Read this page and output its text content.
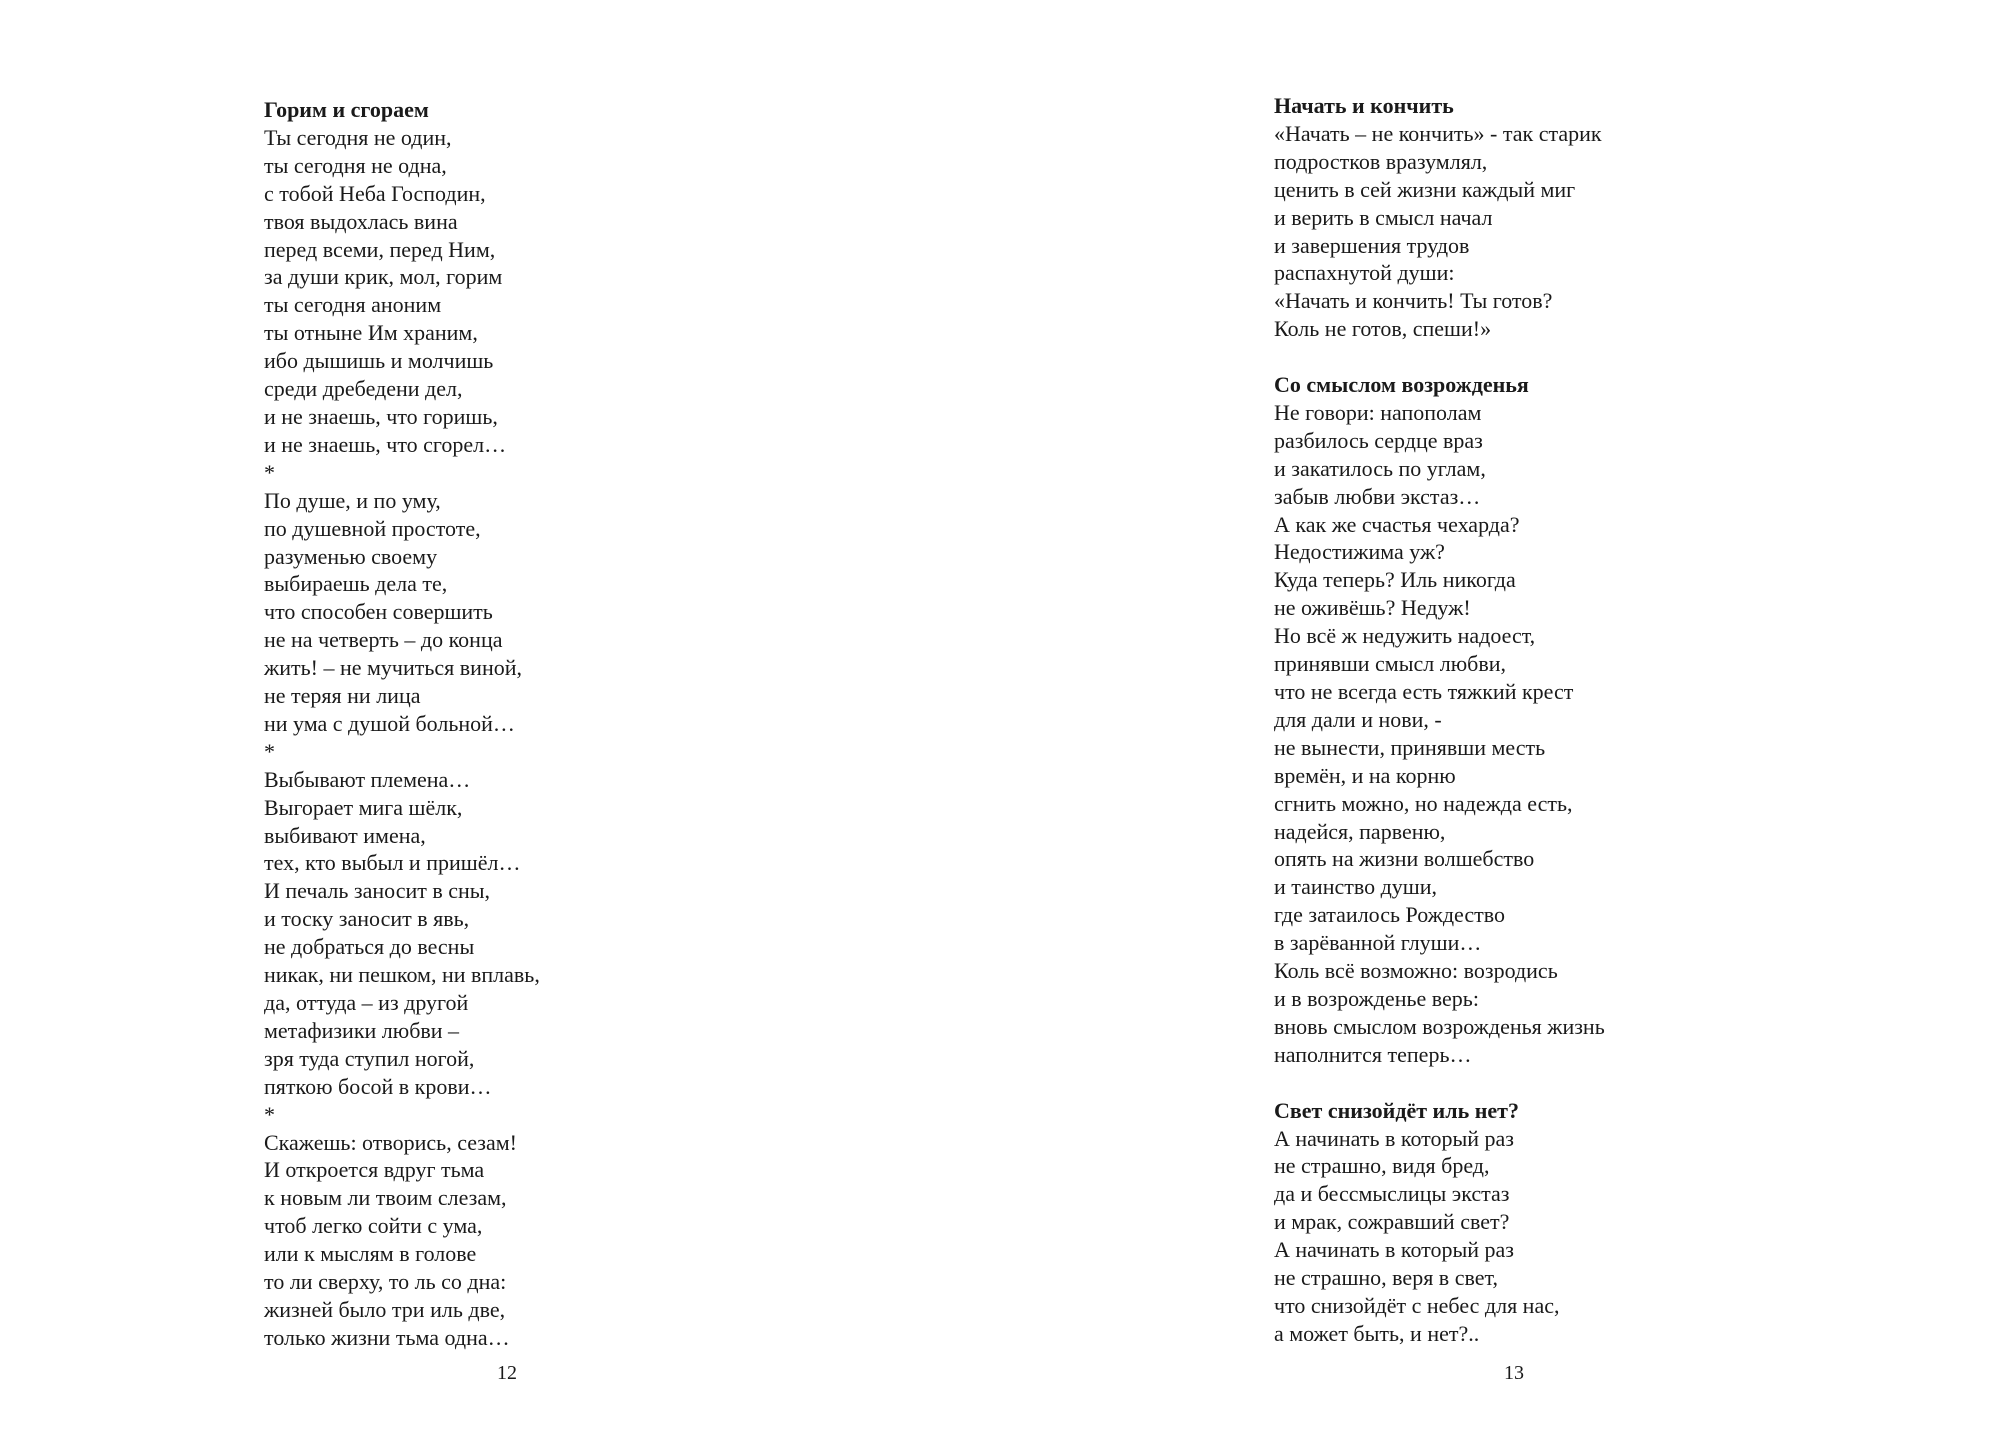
Горим и сгораем
Ты сегодня не один,
ты сегодня не одна,
с тобой Неба Господин,
твоя выдохлась вина
перед всеми, перед Ним,
за души крик, мол, горим
ты сегодня аноним
ты отныне Им храним,
ибо дышишь и молчишь
среди дребедени дел,
и не знаешь, что горишь,
и не знаешь, что сгорел…
*
По душе, и по уму,
по душевной простоте,
разуменью своему
выбираешь дела те,
что способен совершить
не на четверть – до конца
жить! – не мучиться виной,
не теряя ни лица
ни ума с душой больной…
*
Выбывают племена…
Выгорает мига шёлк,
выбивают имена,
тех, кто выбыл и пришёл…
И печаль заносит в сны,
и тоску заносит в явь,
не добраться до весны
никак, ни пешком, ни вплавь,
да, оттуда – из другой
метафизики любви –
зря туда ступил ногой,
пяткою босой в крови…
*
Скажешь: отворись, сезам!
И откроется вдруг тьма
к новым ли твоим слезам,
чтоб легко сойти с ума,
или к мыслям в голове
то ли сверху, то ль со дна:
жизней было три иль две,
только жизни тьма одна…
12
Начать и кончить
«Начать – не кончить» - так старик
подростков вразумлял,
ценить в сей жизни каждый миг
и верить в смысл начал
и завершения трудов
распахнутой души:
«Начать и кончить! Ты готов?
Коль не готов, спеши!»
Со смыслом возрожденья
Не говори: напополам
разбилось сердце враз
и закатилось по углам,
забыв любви экстаз…
А как же счастья чехарда?
Недостижима уж?
Куда теперь? Иль никогда
не оживёшь? Недуж!
Но всё ж недужить надоест,
принявши смысл любви,
что не всегда есть тяжкий крест
для дали и нови, -
не вынести, принявши месть
времён, и на корню
сгнить можно, но надежда есть,
надейся, парвеню,
опять на жизни волшебство
и таинство души,
где затаилось Рождество
в зарёванной глуши…
Коль всё возможно: возродись
и в возрожденье верь:
вновь смыслом возрожденья жизнь
наполнится теперь…
Свет снизойдёт иль нет?
А начинать в который раз
не страшно, видя бред,
да и бессмыслицы экстаз
и мрак, сожравший свет?
А начинать в который раз
не страшно, веря в свет,
что снизойдёт с небес для нас,
а может быть, и нет?..
13
